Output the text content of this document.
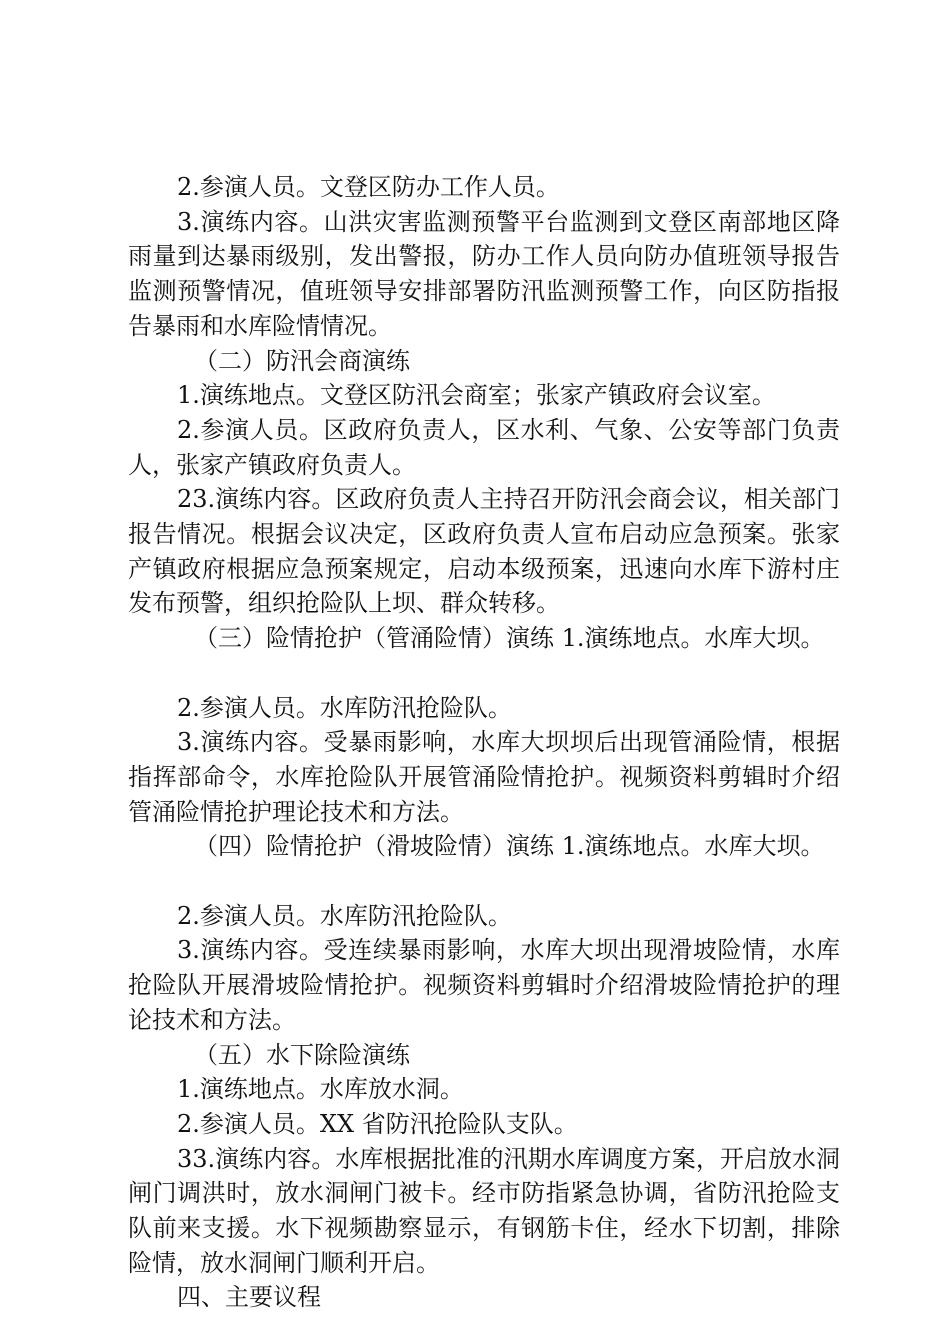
2.参演人员。文登区防办工作人员。

3.演练内容。山洪灾害监测预警平台监测到文登区南部地区降雨量到达暴雨级别，发出警报，防办工作人员向防办值班领导报告监测预警情况，值班领导安排部署防汛监测预警工作，向区防指报告暴雨和水库险情情况。

（二）防汛会商演练

1.演练地点。文登区防汛会商室；张家产镇政府会议室。

2.参演人员。区政府负责人，区水利、气象、公安等部门负责人，张家产镇政府负责人。

23.演练内容。区政府负责人主持召开防汛会商会议，相关部门报告情况。根据会议决定，区政府负责人宣布启动应急预案。张家产镇政府根据应急预案规定，启动本级预案，迅速向水库下游村庄发布预警，组织抢险队上坝、群众转移。

（三）险情抢护（管涌险情）演练 1.演练地点。水库大坝。

2.参演人员。水库防汛抢险队。

3.演练内容。受暴雨影响，水库大坝坝后出现管涌险情，根据指挥部命令，水库抢险队开展管涌险情抢护。视频资料剪辑时介绍管涌险情抢护理论技术和方法。

（四）险情抢护（滑坡险情）演练 1.演练地点。水库大坝。

2.参演人员。水库防汛抢险队。

3.演练内容。受连续暴雨影响，水库大坝出现滑坡险情，水库抢险队开展滑坡险情抢护。视频资料剪辑时介绍滑坡险情抢护的理论技术和方法。

（五）水下除险演练

1.演练地点。水库放水洞。

2.参演人员。XX 省防汛抢险队支队。

33.演练内容。水库根据批准的汛期水库调度方案，开启放水洞闸门调洪时，放水洞闸门被卡。经市防指紧急协调，省防汛抢险支队前来支援。水下视频勘察显示，有钢筋卡住，经水下切割，排除险情，放水洞闸门顺利开启。

四、主要议程
